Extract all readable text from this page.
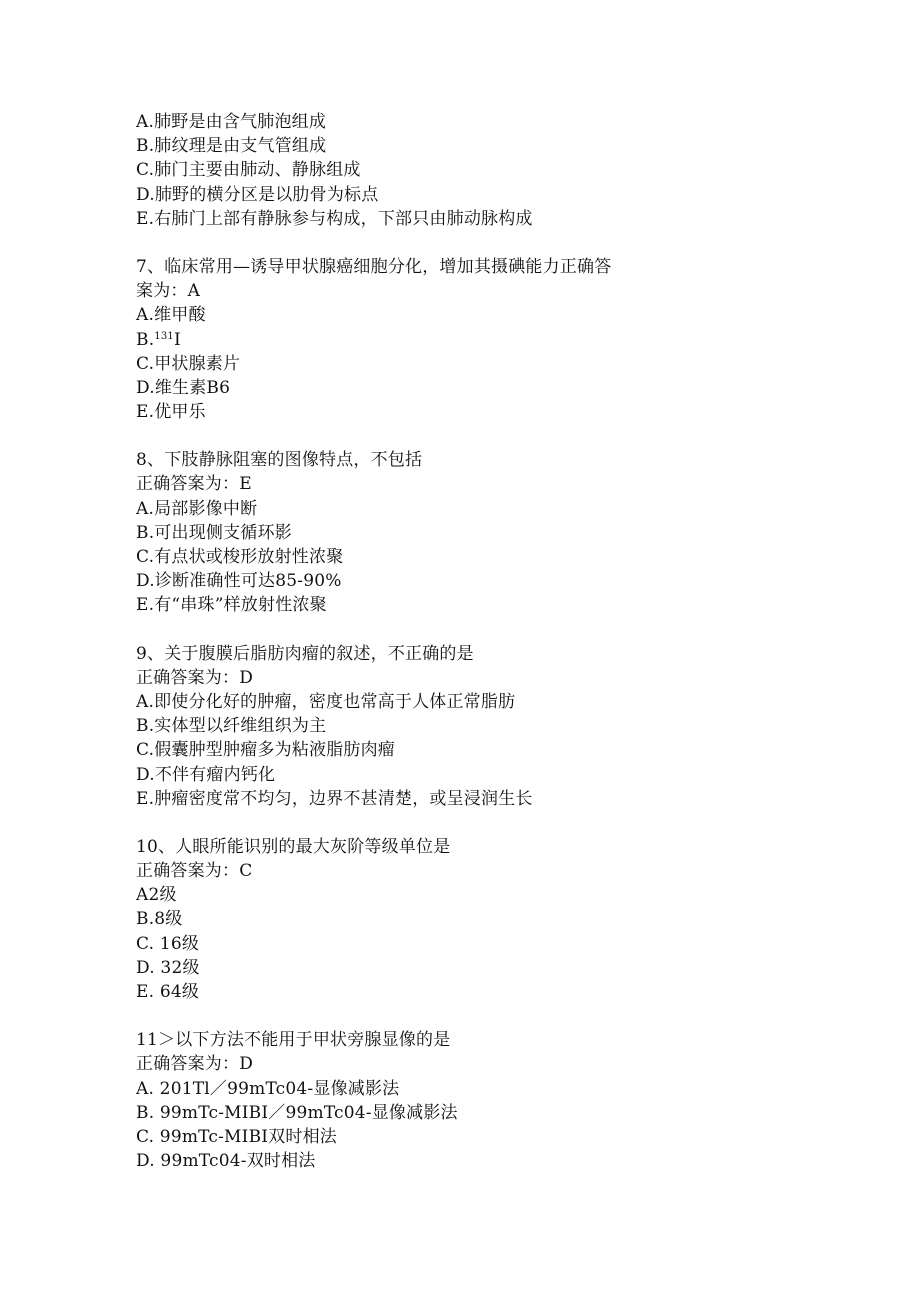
A.肺野是由含气肺泡组成
B.肺纹理是由支气管组成
C.肺门主要由肺动、静脉组成
D.肺野的横分区是以肋骨为标点
E.右肺门上部有静脉参与构成，下部只由肺动脉构成
7、临床常用—诱导甲状腺癌细胞分化，增加其摄碘能力正确答
案为：A
A.维甲酸
B.$^{131}$I
C.甲状腺素片
D.维生素B6
E.优甲乐
8、下肢静脉阻塞的图像特点，不包括
正确答案为：E
A.局部影像中断
B.可出现侧支循环影
C.有点状或梭形放射性浓聚
D.诊断准确性可达85-90%
E.有“串珠”样放射性浓聚
9、关于腹膜后脂肪肉瘤的叙述，不正确的是
正确答案为：D
A.即使分化好的肿瘤，密度也常高于人体正常脂肪
B.实体型以纤维组织为主
C.假囊肿型肿瘤多为粘液脂肪肉瘤
D.不伴有瘤内钙化
E.肿瘤密度常不均匀，边界不甚清楚，或呈浸润生长
10、人眼所能识别的最大灰阶等级单位是
正确答案为：C
A2级
B.8级
C. 16级
D. 32级
E. 64级
11＞以下方法不能用于甲状旁腺显像的是
正确答案为：D
A. 201Tl／99mTc04-显像减影法
B. 99mTc-MIBI／99mTc04-显像减影法
C. 99mTc-MIBI双时相法
D. 99mTc04-双时相法
